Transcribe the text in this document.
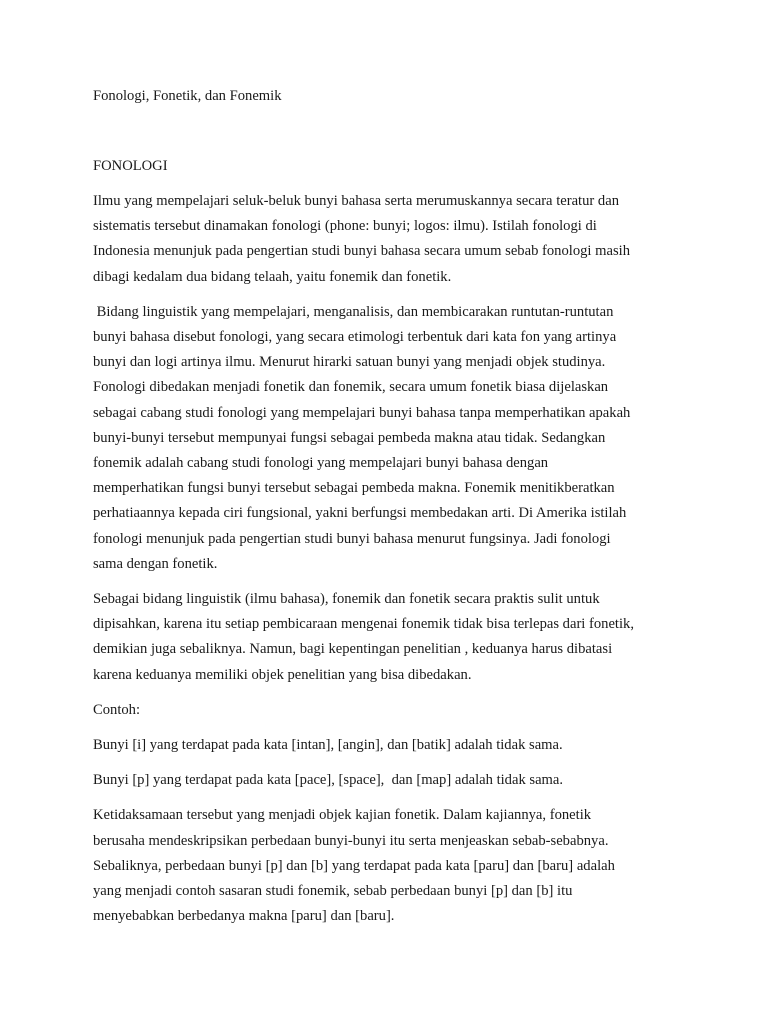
Fonologi, Fonetik, dan Fonemik
FONOLOGI

Ilmu yang mempelajari seluk-beluk bunyi bahasa serta merumuskannya secara teratur dan
sistematis tersebut dinamakan fonologi (phone: bunyi; logos: ilmu). Istilah fonologi di
Indonesia menunjuk pada pengertian studi bunyi bahasa secara umum sebab fonologi masih
dibagi kedalam dua bidang telaah, yaitu fonemik dan fonetik.

Bidang linguistik yang mempelajari, menganalisis, dan membicarakan runtutan-runtutan
bunyi bahasa disebut fonologi, yang secara etimologi terbentuk dari kata fon yang artinya
bunyi dan logi artinya ilmu. Menurut hirarki satuan bunyi yang menjadi objek studinya.
Fonologi dibedakan menjadi fonetik dan fonemik, secara umum fonetik biasa dijelaskan
sebagai cabang studi fonologi yang mempelajari bunyi bahasa tanpa memperhatikan apakah
bunyi-bunyi tersebut mempunyai fungsi sebagai pembeda makna atau tidak. Sedangkan
fonemik adalah cabang studi fonologi yang mempelajari bunyi bahasa dengan
memperhatikan fungsi bunyi tersebut sebagai pembeda makna. Fonemik menitikberatkan
perhatiaannya kepada ciri fungsional, yakni berfungsi membedakan arti. Di Amerika istilah
fonologi menunjuk pada pengertian studi bunyi bahasa menurut fungsinya. Jadi fonologi
sama dengan fonetik.

Sebagai bidang linguistik (ilmu bahasa), fonemik dan fonetik secara praktis sulit untuk
dipisahkan, karena itu setiap pembicaraan mengenai fonemik tidak bisa terlepas dari fonetik,
demikian juga sebaliknya. Namun, bagi kepentingan penelitian , keduanya harus dibatasi
karena keduanya memiliki objek penelitian yang bisa dibedakan.

Contoh:

Bunyi [i] yang terdapat pada kata [intan], [angin], dan [batik] adalah tidak sama.

Bunyi [p] yang terdapat pada kata [pace], [space],  dan [map] adalah tidak sama.

Ketidaksamaan tersebut yang menjadi objek kajian fonetik. Dalam kajiannya, fonetik
berusaha mendeskripsikan perbedaan bunyi-bunyi itu serta menjeaskan sebab-sebabnya.
Sebaliknya, perbedaan bunyi [p] dan [b] yang terdapat pada kata [paru] dan [baru] adalah
yang menjadi contoh sasaran studi fonemik, sebab perbedaan bunyi [p] dan [b] itu
menyebabkan berbedanya makna [paru] dan [baru].
